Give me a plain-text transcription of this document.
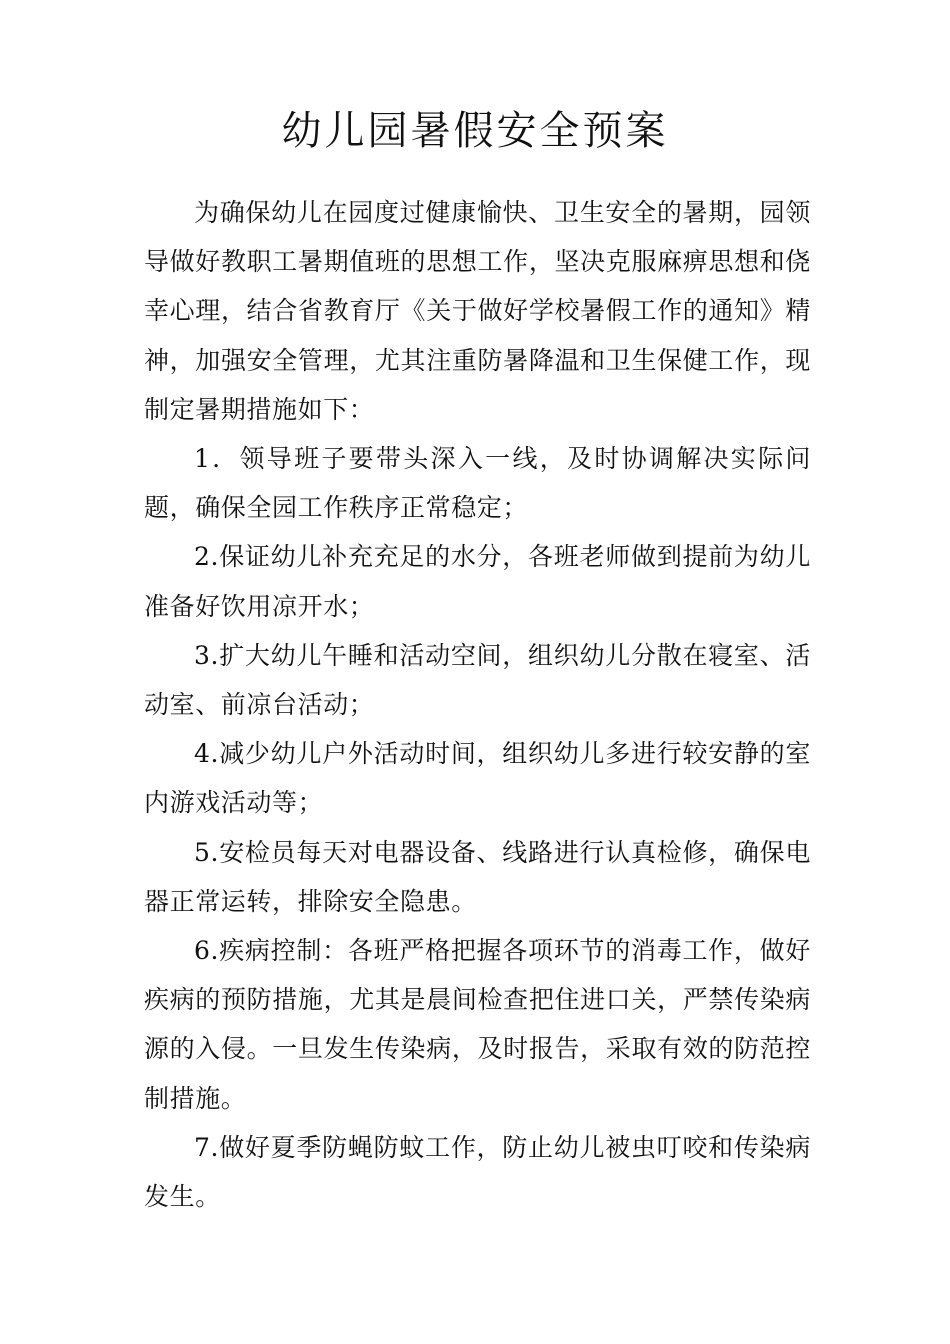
幼儿园暑假安全预案

为确保幼儿在园度过健康愉快、卫生安全的暑期，园领导做好教职工暑期值班的思想工作，坚决克服麻痹思想和侥幸心理，结合省教育厅《关于做好学校暑假工作的通知》精神，加强安全管理，尤其注重防暑降温和卫生保健工作，现制定暑期措施如下：

1．领导班子要带头深入一线，及时协调解决实际问题，确保全园工作秩序正常稳定；

2.保证幼儿补充充足的水分，各班老师做到提前为幼儿准备好饮用凉开水；

3.扩大幼儿午睡和活动空间，组织幼儿分散在寝室、活动室、前凉台活动；

4.减少幼儿户外活动时间，组织幼儿多进行较安静的室内游戏活动等；

5.安检员每天对电器设备、线路进行认真检修，确保电器正常运转，排除安全隐患。

6.疾病控制：各班严格把握各项环节的消毒工作，做好疾病的预防措施，尤其是晨间检查把住进口关，严禁传染病源的入侵。一旦发生传染病，及时报告，采取有效的防范控制措施。

7.做好夏季防蝇防蚊工作，防止幼儿被虫叮咬和传染病发生。
